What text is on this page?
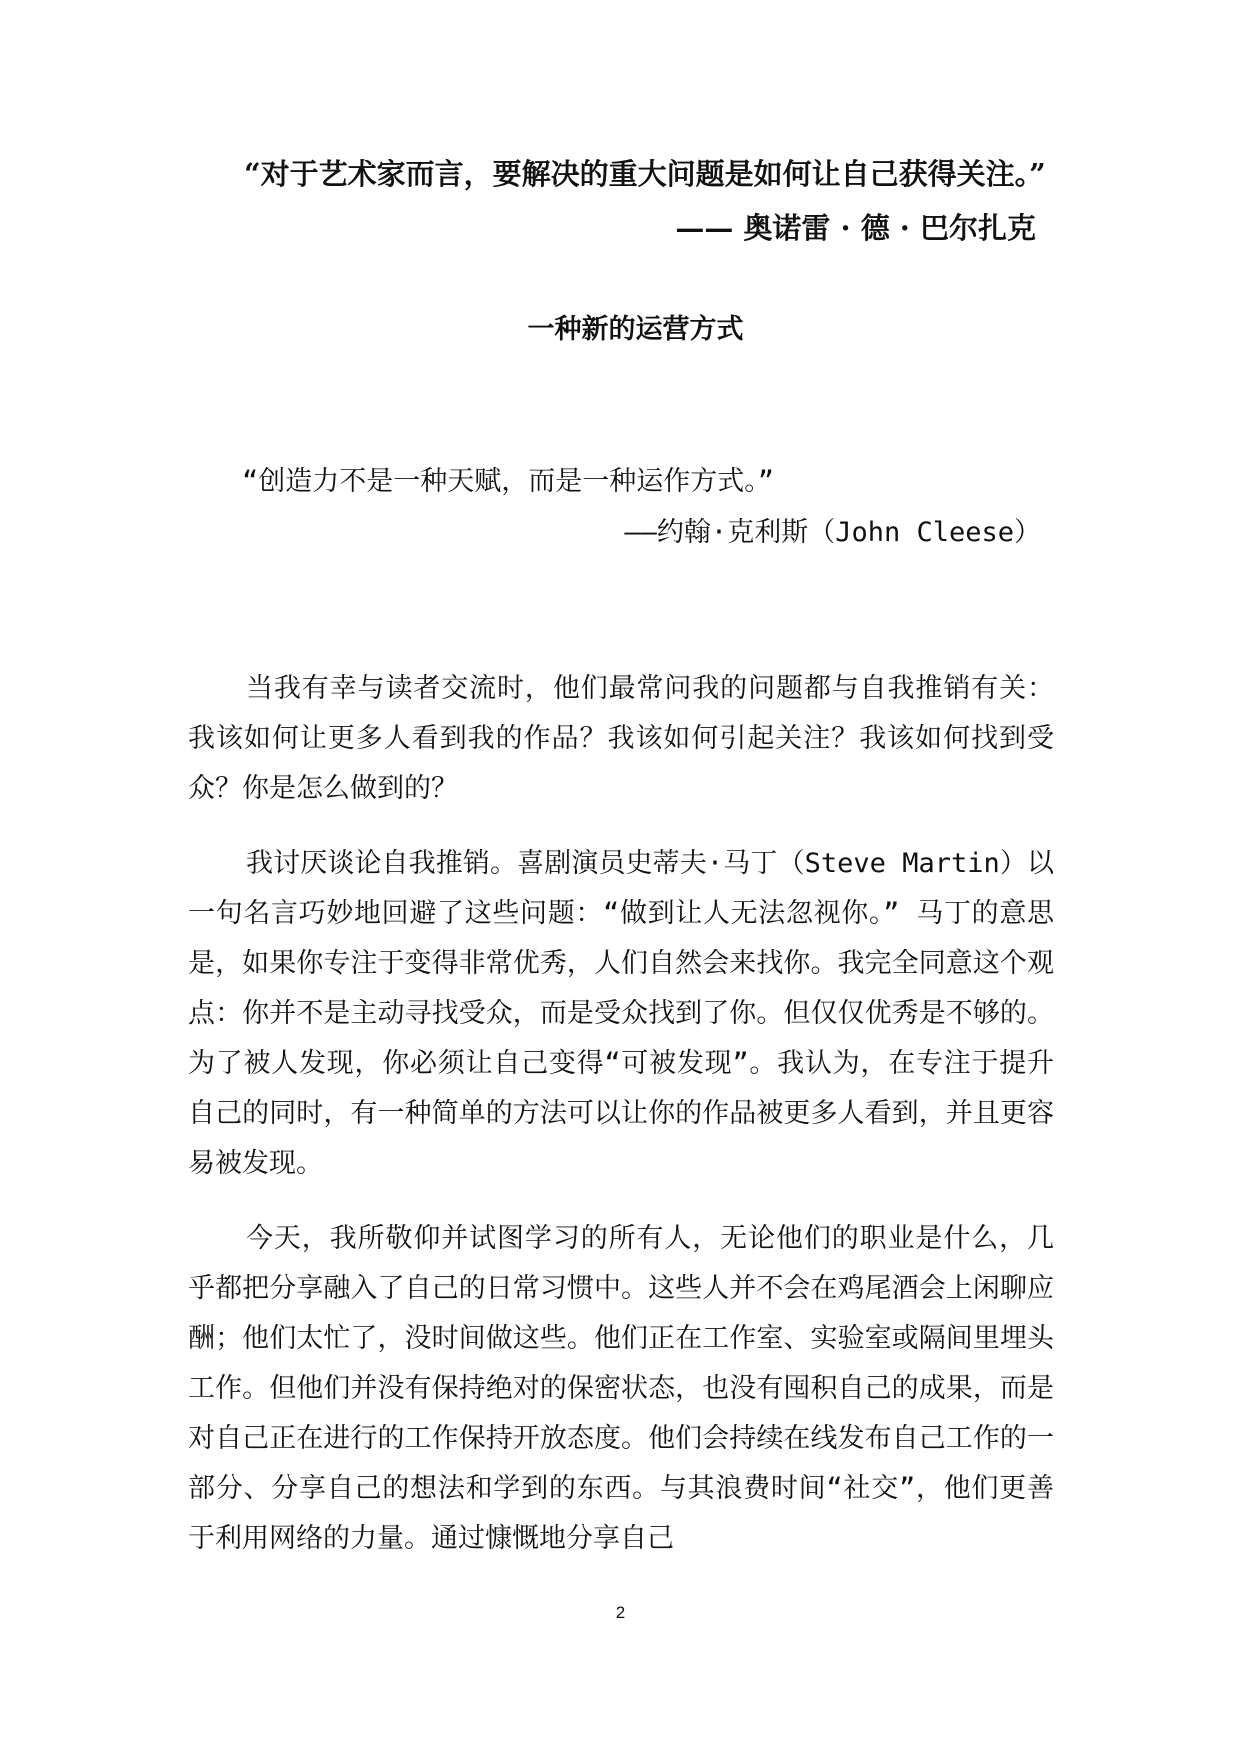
“对于艺术家而言，要解决的重大问题是如何让自己获得关注。”

—— 奥诺雷 · 德 · 巴尔扎克

一种新的运营方式

“创造力不是一种天赋，而是一种运作方式。”

——约翰·克利斯（John Cleese）

当我有幸与读者交流时，他们最常问我的问题都与自我推销有关：我该如何让更多人看到我的作品？我该如何引起关注？我该如何找到受众？你是怎么做到的？

我讨厌谈论自我推销。喜剧演员史蒂夫·马丁（Steve Martin）以一句名言巧妙地回避了这些问题：“做到让人无法忽视你。” 马丁的意思是，如果你专注于变得非常优秀，人们自然会来找你。我完全同意这个观点：你并不是主动寻找受众，而是受众找到了你。但仅仅优秀是不够的。为了被人发现，你必须让自己变得“可被发现”。我认为，在专注于提升自己的同时，有一种简单的方法可以让你的作品被更多人看到，并且更容易被发现。

今天，我所敬仰并试图学习的所有人，无论他们的职业是什么，几乎都把分享融入了自己的日常习惯中。这些人并不会在鸡尾酒会上闲聊应酬；他们太忙了，没时间做这些。他们正在工作室、实验室或隔间里埋头工作。但他们并没有保持绝对的保密状态，也没有囤积自己的成果，而是对自己正在进行的工作保持开放态度。他们会持续在线发布自己工作的一部分、分享自己的想法和学到的东西。与其浪费时间“社交”，他们更善于利用网络的力量。通过慷慨地分享自己

2
